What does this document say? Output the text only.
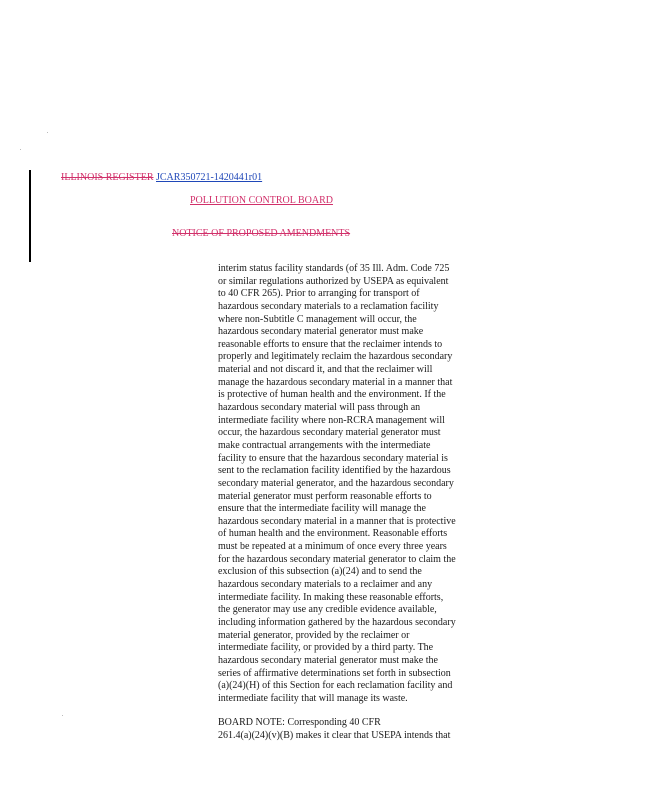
ILLINOIS REGISTER JCAR350721-1420441r01
POLLUTION CONTROL BOARD
NOTICE OF PROPOSED AMENDMENTS
interim status facility standards (of 35 Ill. Adm. Code 725
or similar regulations authorized by USEPA as equivalent
to 40 CFR 265). Prior to arranging for transport of
hazardous secondary materials to a reclamation facility
where non-Subtitle C management will occur, the
hazardous secondary material generator must make
reasonable efforts to ensure that the reclaimer intends to
properly and legitimately reclaim the hazardous secondary
material and not discard it, and that the reclaimer will
manage the hazardous secondary material in a manner that
is protective of human health and the environment. If the
hazardous secondary material will pass through an
intermediate facility where non-RCRA management will
occur, the hazardous secondary material generator must
make contractual arrangements with the intermediate
facility to ensure that the hazardous secondary material is
sent to the reclamation facility identified by the hazardous
secondary material generator, and the hazardous secondary
material generator must perform reasonable efforts to
ensure that the intermediate facility will manage the
hazardous secondary material in a manner that is protective
of human health and the environment. Reasonable efforts
must be repeated at a minimum of once every three years
for the hazardous secondary material generator to claim the
exclusion of this subsection (a)(24) and to send the
hazardous secondary materials to a reclaimer and any
intermediate facility. In making these reasonable efforts,
the generator may use any credible evidence available,
including information gathered by the hazardous secondary
material generator, provided by the reclaimer or
intermediate facility, or provided by a third party. The
hazardous secondary material generator must make the
series of affirmative determinations set forth in subsection
(a)(24)(H) of this Section for each reclamation facility and
intermediate facility that will manage its waste.
BOARD NOTE: Corresponding 40 CFR
261.4(a)(24)(v)(B) makes it clear that USEPA intends that
